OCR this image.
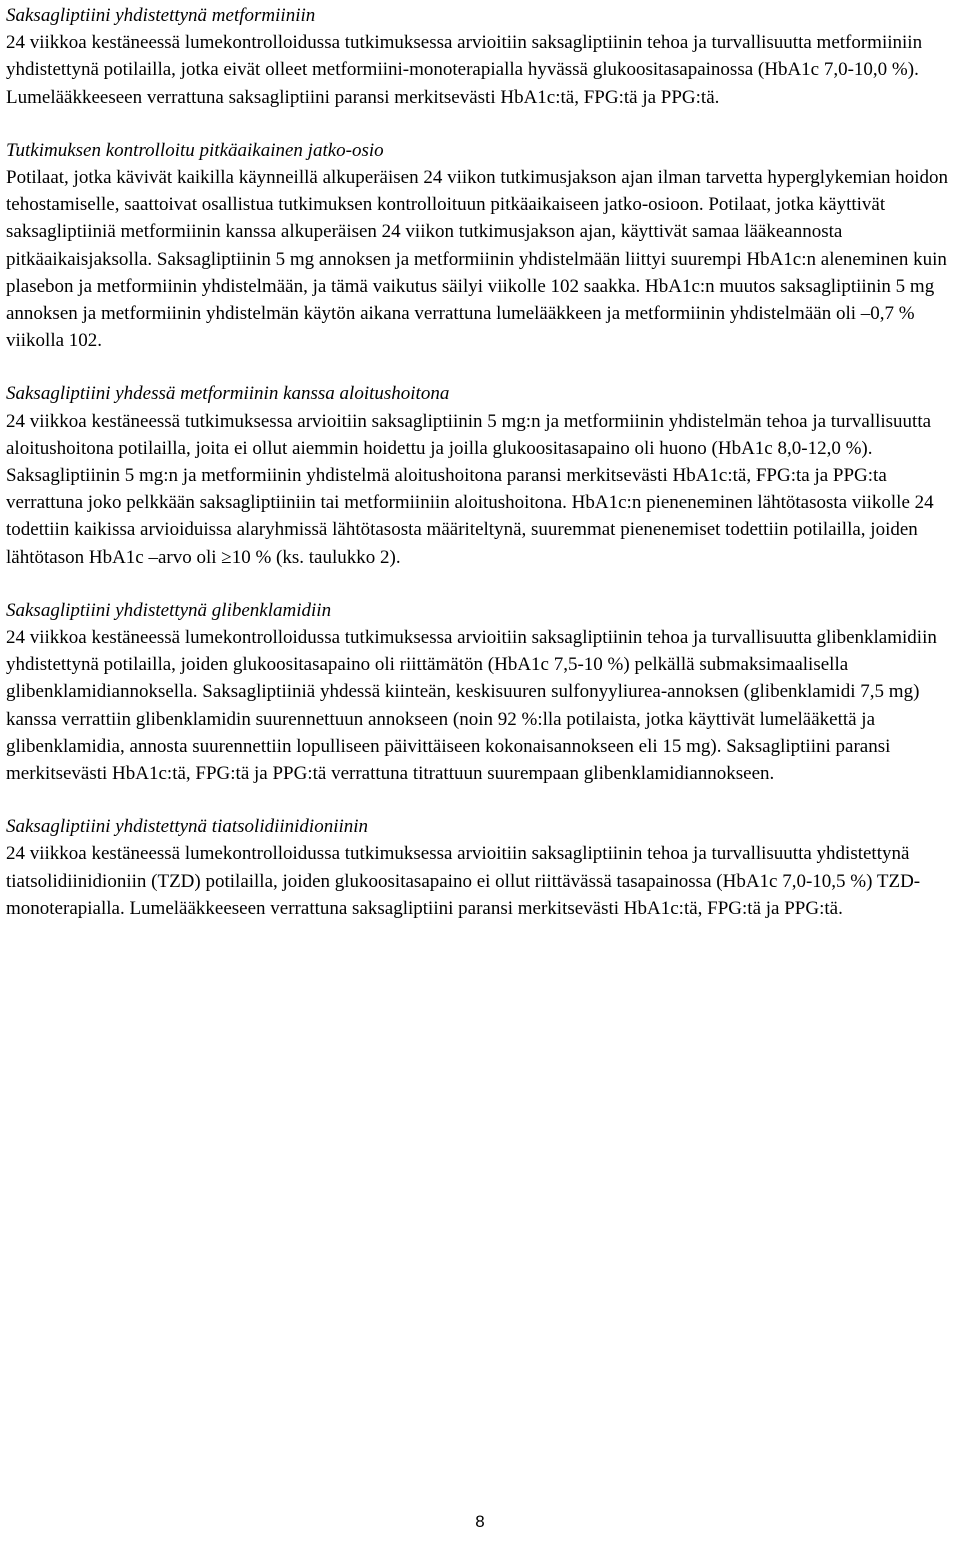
Saksagliptiini yhdistettynä metformiiniin

24 viikkoa kestäneessä lumekontrolloidussa tutkimuksessa arvioitiin saksagliptiinin tehoa ja turvallisuutta metformiiniin yhdistettynä potilailla, jotka eivät olleet metformiini-monoterapialla hyvässä glukoositasapainossa (HbA1c 7,0-10,0 %). Lumelääkkeeseen verrattuna saksagliptiini paransi merkitsevästi HbA1c:tä, FPG:tä ja PPG:tä.

Tutkimuksen kontrolloitu pitkäaikainen jatko-osio

Potilaat, jotka kävivät kaikilla käynneillä alkuperäisen 24 viikon tutkimusjakson ajan ilman tarvetta hyperglykemian hoidon tehostamiselle, saattoivat osallistua tutkimuksen kontrolloituun pitkäaikaiseen jatko-osioon. Potilaat, jotka käyttivät saksagliptiiniä metformiinin kanssa alkuperäisen 24 viikon tutkimusjakson ajan, käyttivät samaa lääkeannosta pitkäaikaisjaksolla. Saksagliptiinin 5 mg annoksen ja metformiinin yhdistelmään liittyi suurempi HbA1c:n aleneminen kuin plasebon ja metformiinin yhdistelmään, ja tämä vaikutus säilyi viikolle 102 saakka. HbA1c:n muutos saksagliptiinin 5 mg annoksen ja metformiinin yhdistelmän käytön aikana verrattuna lumelääkkeen ja metformiinin yhdistelmään oli –0,7 % viikolla 102.

Saksagliptiini yhdessä metformiinin kanssa aloitushoitona

24 viikkoa kestäneessä tutkimuksessa arvioitiin saksagliptiinin 5 mg:n ja metformiinin yhdistelmän tehoa ja turvallisuutta aloitushoitona potilailla, joita ei ollut aiemmin hoidettu ja joilla glukoositasapaino oli huono (HbA1c 8,0-12,0 %). Saksagliptiinin 5 mg:n ja metformiinin yhdistelmä aloitushoitona paransi merkitsevästi HbA1c:tä, FPG:ta ja PPG:ta verrattuna joko pelkkään saksagliptiiniin tai metformiiniin aloitushoitona. HbA1c:n pieneneminen lähtötasosta viikolle 24 todettiin kaikissa arvioiduissa alaryhmissä lähtötasosta määriteltynä, suuremmat pienenemiset todettiin potilailla, joiden lähtötason HbA1c –arvo oli ≥10 % (ks. taulukko 2).

Saksagliptiini yhdistettynä glibenklamidiin

24 viikkoa kestäneessä lumekontrolloidussa tutkimuksessa arvioitiin saksagliptiinin tehoa ja turvallisuutta glibenklamidiin yhdistettynä potilailla, joiden glukoositasapaino oli riittämätön (HbA1c 7,5-10 %) pelkällä submaksimaalisella glibenklamidiannoksella. Saksagliptiiniä yhdessä kiinteän, keskisuuren sulfonyyliurea-annoksen (glibenklamidi 7,5 mg) kanssa verrattiin glibenklamidin suurennettuun annokseen (noin 92 %:lla potilaista, jotka käyttivät lumelääkettä ja glibenklamidia, annosta suurennettiin lopulliseen päivittäiseen kokonaisannokseen eli 15 mg). Saksagliptiini paransi merkitsevästi HbA1c:tä, FPG:tä ja PPG:tä verrattuna titrattuun suurempaan glibenklamidiannokseen.

Saksagliptiini yhdistettynä tiatsolidiinidioniinin

24 viikkoa kestäneessä lumekontrolloidussa tutkimuksessa arvioitiin saksagliptiinin tehoa ja turvallisuutta yhdistettynä tiatsolidiinidioniin (TZD) potilailla, joiden glukoositasapaino ei ollut riittävässä tasapainossa (HbA1c 7,0-10,5 %) TZD-monoterapialla. Lumelääkkeeseen verrattuna saksagliptiini paransi merkitsevästi HbA1c:tä, FPG:tä ja PPG:tä.

8
